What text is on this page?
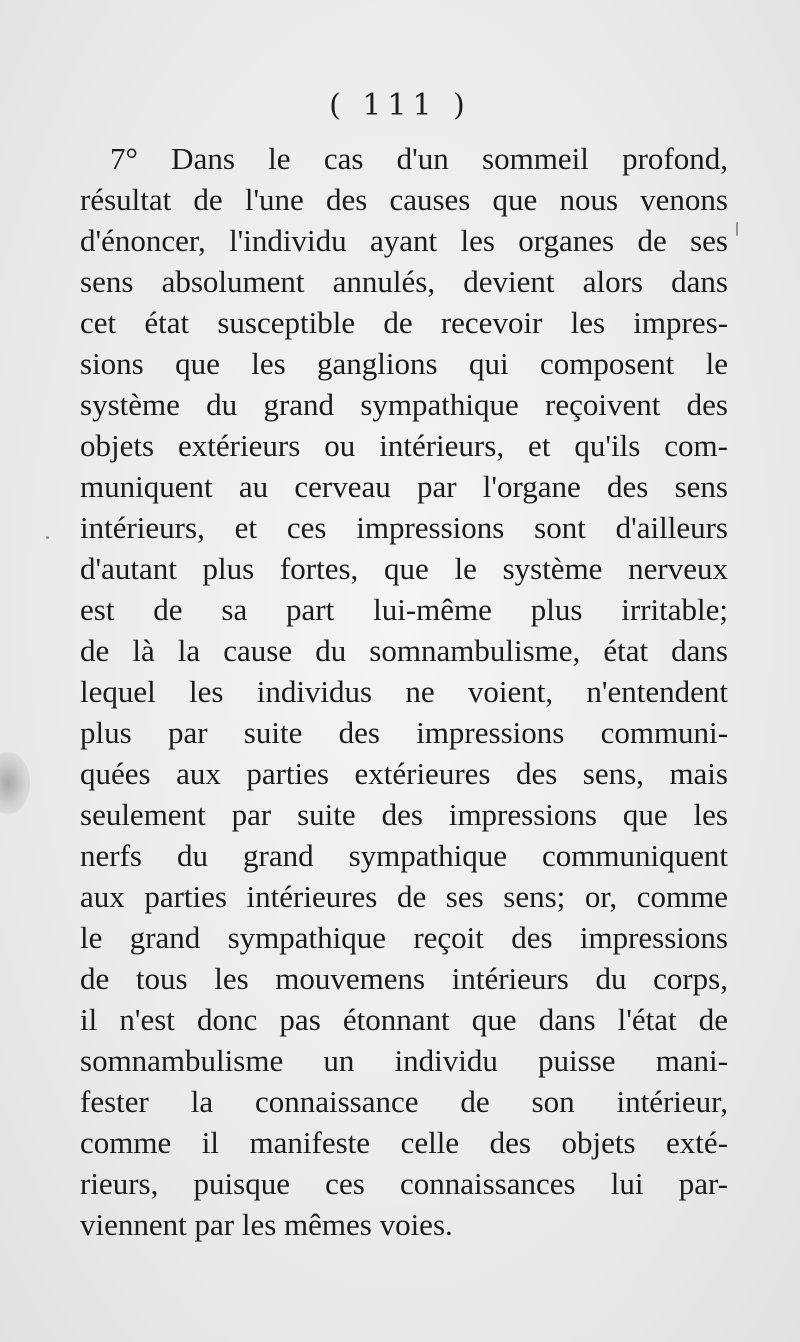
( 111 )
7° Dans le cas d'un sommeil profond,
résultat de l'une des causes que nous venons
d'énoncer, l'individu ayant les organes de ses
sens absolument annulés, devient alors dans
cet état susceptible de recevoir les impres-
sions que les ganglions qui composent le
système du grand sympathique reçoivent des
objets extérieurs ou intérieurs, et qu'ils com-
muniquent au cerveau par l'organe des sens
intérieurs, et ces impressions sont d'ailleurs
d'autant plus fortes, que le système nerveux
est de sa part lui-même plus irritable;
de là la cause du somnambulisme, état dans
lequel les individus ne voient, n'entendent
plus par suite des impressions communi-
quées aux parties extérieures des sens, mais
seulement par suite des impressions que les
nerfs du grand sympathique communiquent
aux parties intérieures de ses sens; or, comme
le grand sympathique reçoit des impressions
de tous les mouvemens intérieurs du corps,
il n'est donc pas étonnant que dans l'état de
somnambulisme un individu puisse mani-
fester la connaissance de son intérieur,
comme il manifeste celle des objets exté-
rieurs, puisque ces connaissances lui par-
viennent par les mêmes voies.
